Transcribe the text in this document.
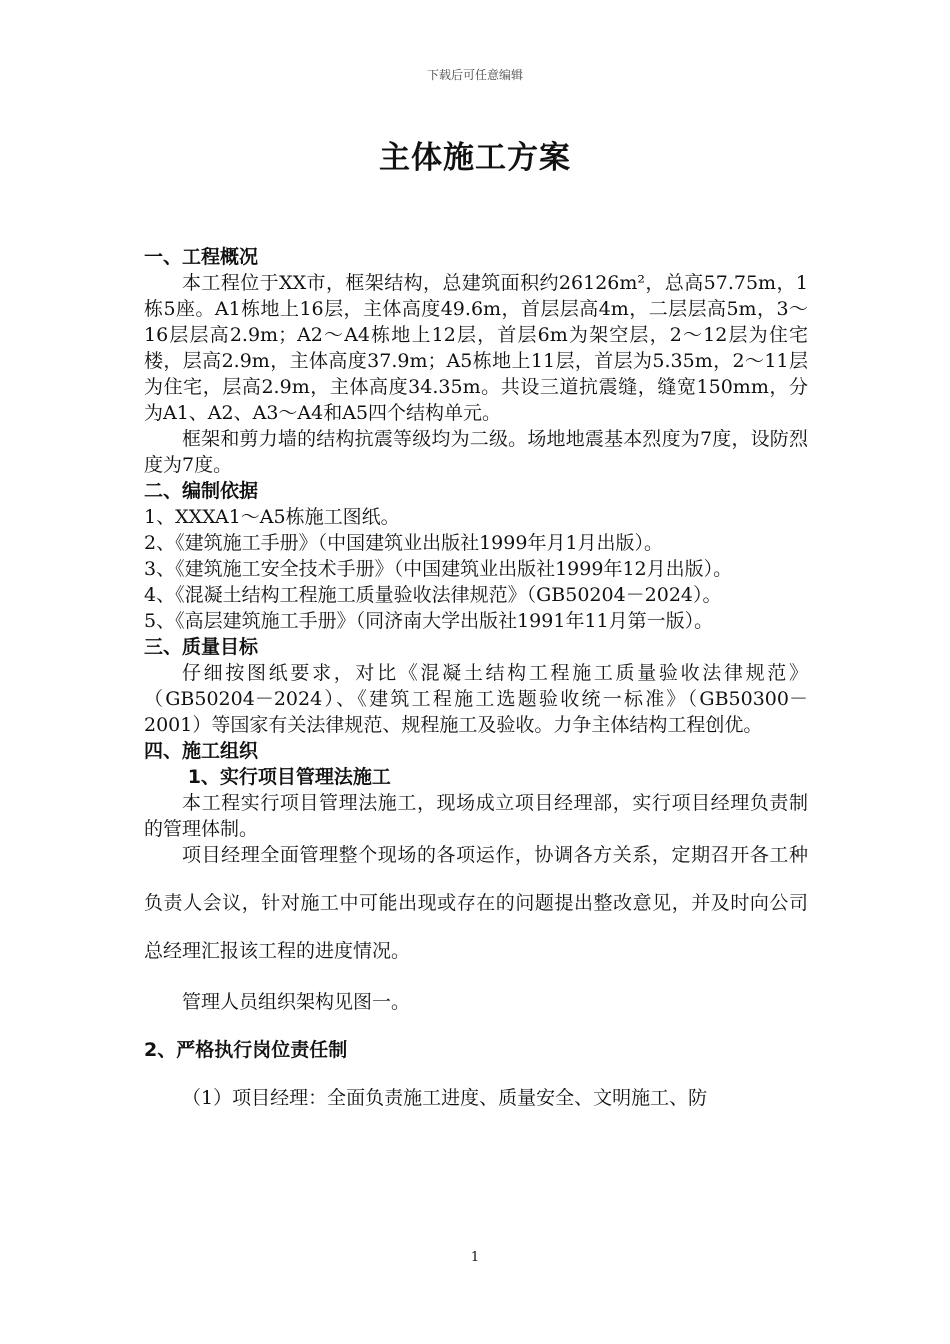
下载后可任意编辑
主体施工方案

一、工程概况

本工程位于XX市，框架结构，总建筑面积约26126m²，总高57.75m，1栋5座。A1栋地上16层，主体高度49.6m，首层层高4m，二层层高5m，3～16层层高2.9m；A2～A4栋地上12层，首层6m为架空层，2～12层为住宅楼，层高2.9m，主体高度37.9m；A5栋地上11层，首层为5.35m，2～11层为住宅，层高2.9m，主体高度34.35m。共设三道抗震缝，缝宽150mm，分为A1、A2、A3～A4和A5四个结构单元。

框架和剪力墙的结构抗震等级均为二级。场地地震基本烈度为7度，设防烈度为7度。

二、编制依据

1、XXXA1～A5栋施工图纸。

2、《建筑施工手册》（中国建筑业出版社1999年月1月出版）。

3、《建筑施工安全技术手册》（中国建筑业出版社1999年12月出版）。

4、《混凝土结构工程施工质量验收法律规范》（GB50204－2024）。

5、《高层建筑施工手册》（同济南大学出版社1991年11月第一版）。

三、质量目标

仔细按图纸要求，对比《混凝土结构工程施工质量验收法律规范》（GB50204－2024）、《建筑工程施工选题验收统一标准》（GB50300－2001）等国家有关法律规范、规程施工及验收。力争主体结构工程创优。

四、施工组织

1、实行项目管理法施工

本工程实行项目管理法施工，现场成立项目经理部，实行项目经理负责制的管理体制。

项目经理全面管理整个现场的各项运作，协调各方关系，定期召开各工种负责人会议，针对施工中可能出现或存在的问题提出整改意见，并及时向公司总经理汇报该工程的进度情况。

管理人员组织架构见图一。

2、严格执行岗位责任制

（1）项目经理：全面负责施工进度、质量安全、文明施工、防

1
